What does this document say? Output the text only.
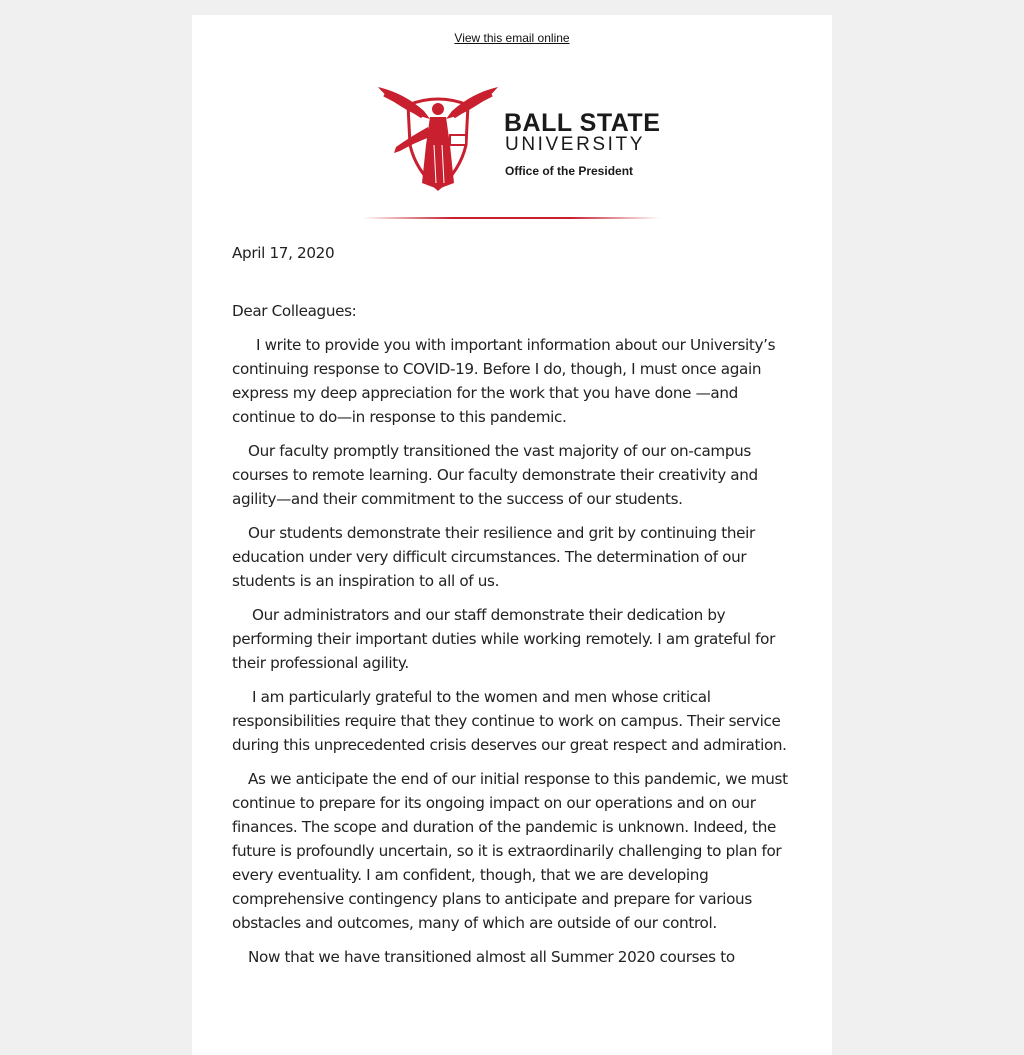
View this email online
BALL STATE
UNIVERSITY
Office of the President

April 17, 2020

Dear Colleagues:

I write to provide you with important information about our University’s continuing response to COVID-19. Before I do, though, I must once again express my deep appreciation for the work that you have done —and continue to do—in response to this pandemic.

Our faculty promptly transitioned the vast majority of our on-campus courses to remote learning. Our faculty demonstrate their creativity and agility—and their commitment to the success of our students.

Our students demonstrate their resilience and grit by continuing their education under very difficult circumstances. The determination of our students is an inspiration to all of us.

Our administrators and our staff demonstrate their dedication by performing their important duties while working remotely. I am grateful for their professional agility.

I am particularly grateful to the women and men whose critical responsibilities require that they continue to work on campus. Their service during this unprecedented crisis deserves our great respect and admiration.

As we anticipate the end of our initial response to this pandemic, we must continue to prepare for its ongoing impact on our operations and on our finances. The scope and duration of the pandemic is unknown. Indeed, the future is profoundly uncertain, so it is extraordinarily challenging to plan for every eventuality. I am confident, though, that we are developing comprehensive contingency plans to anticipate and prepare for various obstacles and outcomes, many of which are outside of our control.

Now that we have transitioned almost all Summer 2020 courses to
